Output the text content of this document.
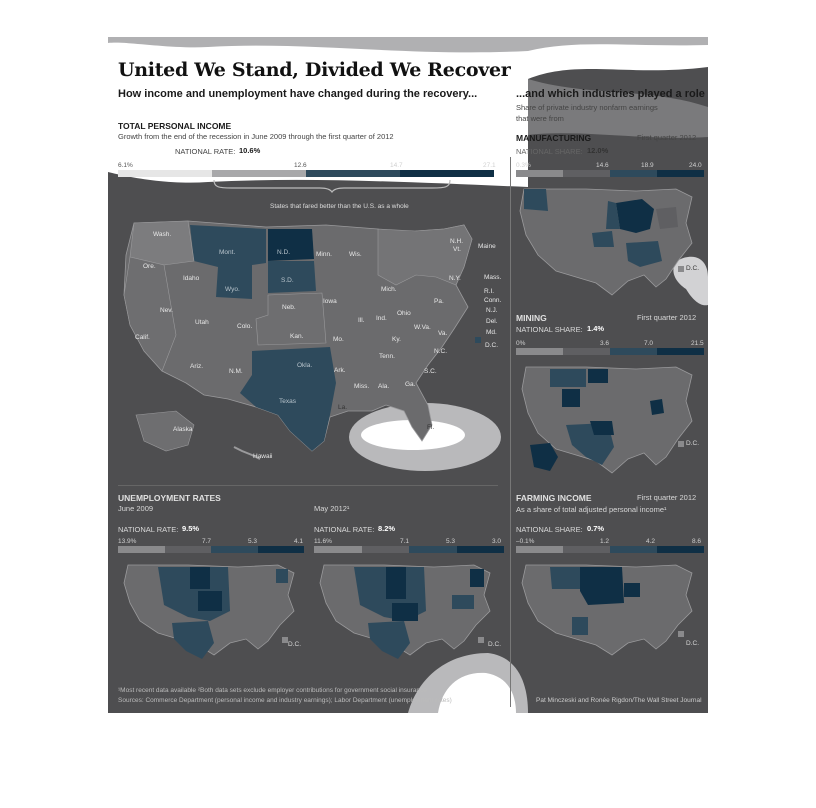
United We Stand, Divided We Recover
How income and unemployment have changed during the recovery...	...and which industries played a role
Share of private industry nonfarm earnings
that were from
TOTAL PERSONAL INCOME
Growth from the end of the recession in June 2009 through the first quarter of 2012
NATIONAL RATE: 10.6%
6.1%	12.6	14.7	27.1
States that fared better than the U.S. as a whole
Wash.
Ore.
Calif.
Idaho
Nev.
Mont.
Wyo.
Utah
Ariz.
Colo.
N.M.
N.D.
S.D.
Neb.
Kan.
Okla.
Texas
Minn.
Iowa
Mo.
Ark.
La.
Wis.
Ill.
Mich.
Ind.
Ohio
Ky.
Tenn.
Miss. Ala. Ga.
Fl.
S.C.
N.C.
Va.
W.Va.
Pa.
N.Y.
Maine
N.H.
Vt.
Mass.
R.I.
Conn.
N.J.
Del.
Md.
D.C.
Alaska
Hawaii
MANUFACTURING	First quarter 2012
NATIONAL SHARE: 12.0%
0.3%	14.6	18.9	24.0
D.C.
MINING	First quarter 2012
NATIONAL SHARE: 1.4%
0%	3.6	7.0	21.5
D.C.
FARMING INCOME	First quarter 2012
As a share of total adjusted personal income¹
NATIONAL SHARE: 0.7%
–0.1%	1.2	4.2	8.6
D.C.
UNEMPLOYMENT RATES
June 2009	May 2012¹
NATIONAL RATE: 9.5%
13.9%	7.7	5.3	4.1
D.C.
NATIONAL RATE: 8.2%
11.6%	7.1	5.3	3.0
D.C.
¹Most recent data available ²Both data sets exclude employer contributions for government social insurance
Sources: Commerce Department (personal income and industry earnings); Labor Department (unemployment rates)	Pat Minczeski and Ronée Rigdon/The Wall Street Journal
